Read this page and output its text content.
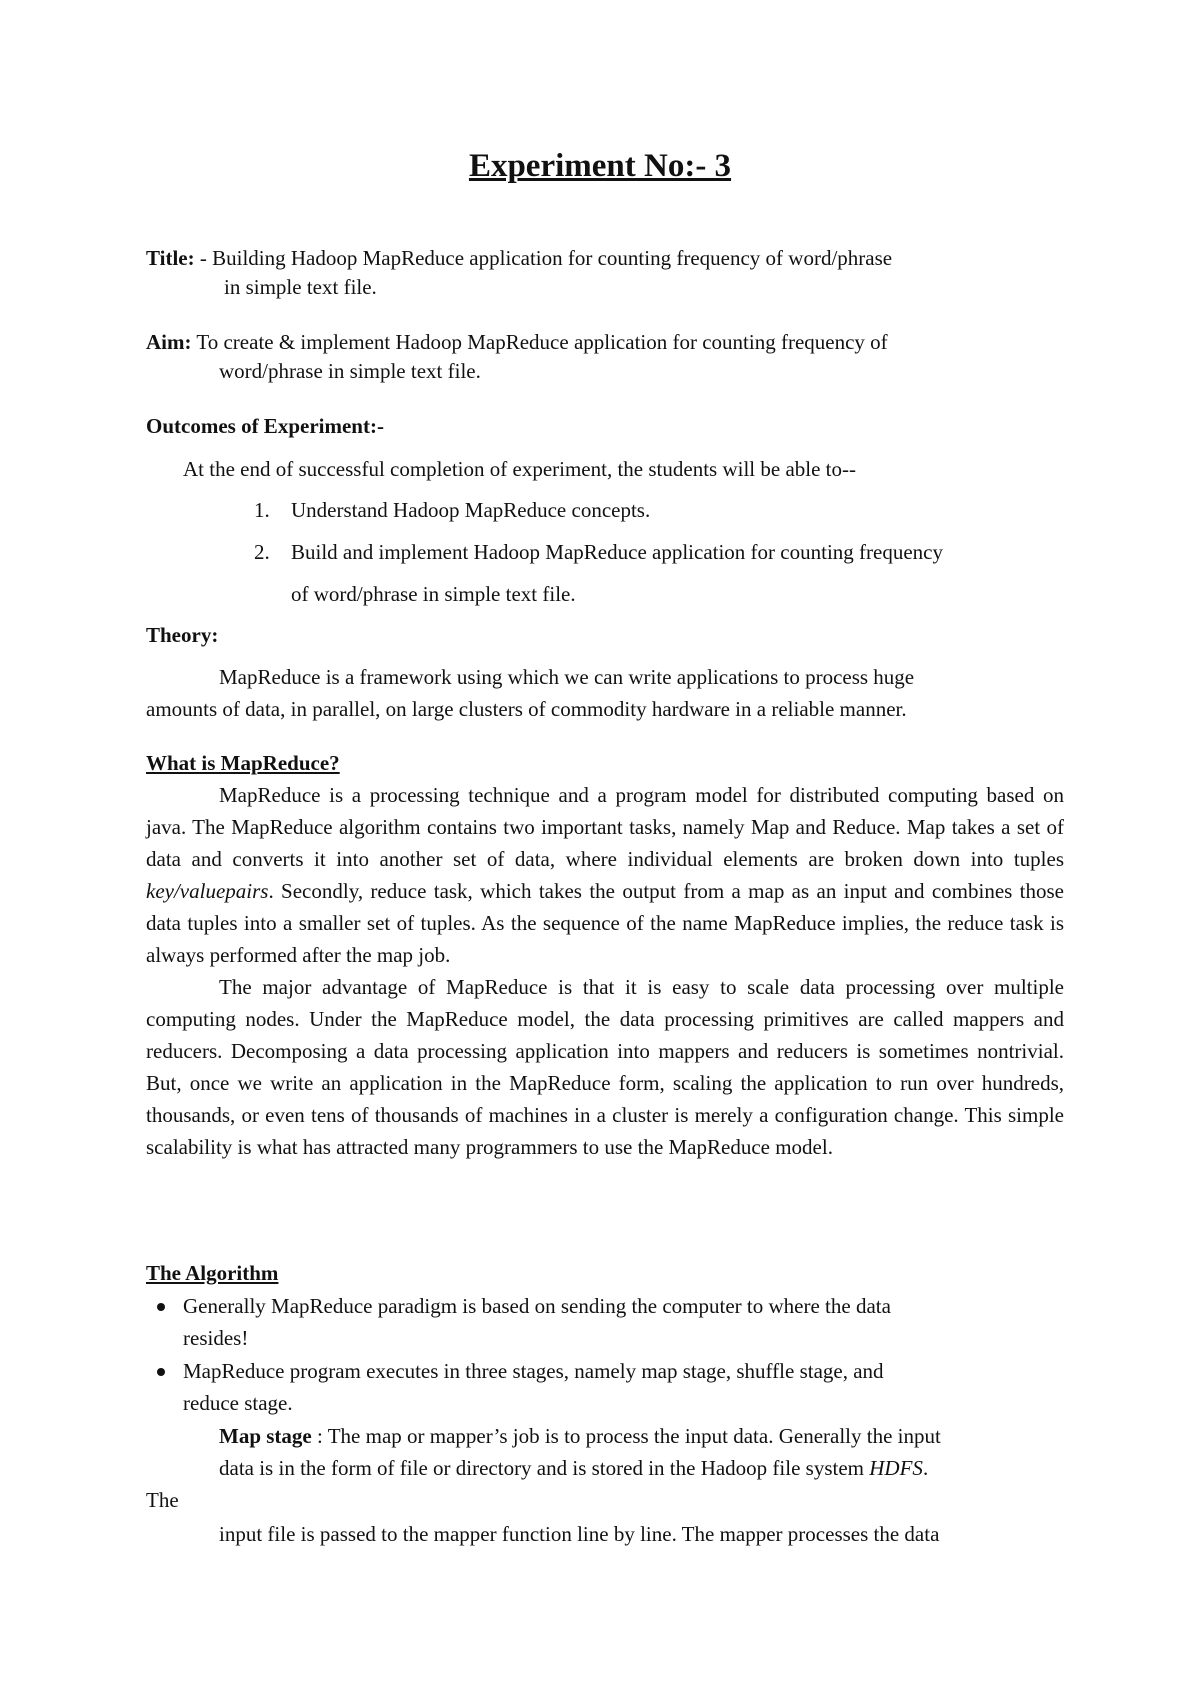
Experiment No:- 3
Title: - Building Hadoop MapReduce application for counting frequency of word/phrase
in simple text file.
Aim: To create & implement Hadoop MapReduce application for counting frequency of
word/phrase in simple text file.
Outcomes of Experiment:-
At the end of successful completion of experiment, the students will be able to--
1. Understand Hadoop MapReduce concepts.
2. Build and implement Hadoop MapReduce application for counting frequency
of word/phrase in simple text file.
Theory:
MapReduce is a framework using which we can write applications to process huge
amounts of data, in parallel, on large clusters of commodity hardware in a reliable manner.
What is MapReduce?

MapReduce is a processing technique and a program model for distributed computing based on java. The MapReduce algorithm contains two important tasks, namely Map and Reduce. Map takes a set of data and converts it into another set of data, where individual elements are broken down into tuples key/valuepairs. Secondly, reduce task, which takes the output from a map as an input and combines those data tuples into a smaller set of tuples. As the sequence of the name MapReduce implies, the reduce task is always performed after the map job.

The major advantage of MapReduce is that it is easy to scale data processing over multiple computing nodes. Under the MapReduce model, the data processing primitives are called mappers and reducers. Decomposing a data processing application into mappers and reducers is sometimes nontrivial. But, once we write an application in the MapReduce form, scaling the application to run over hundreds, thousands, or even tens of thousands of machines in a cluster is merely a configuration change. This simple scalability is what has attracted many programmers to use the MapReduce model.

The Algorithm
Generally MapReduce paradigm is based on sending the computer to where the data
resides!
MapReduce program executes in three stages, namely map stage, shuffle stage, and
reduce stage.
Map stage : The map or mapper’s job is to process the input data. Generally the input
data is in the form of file or directory and is stored in the Hadoop file system HDFS.
The
input file is passed to the mapper function line by line. The mapper processes the data
